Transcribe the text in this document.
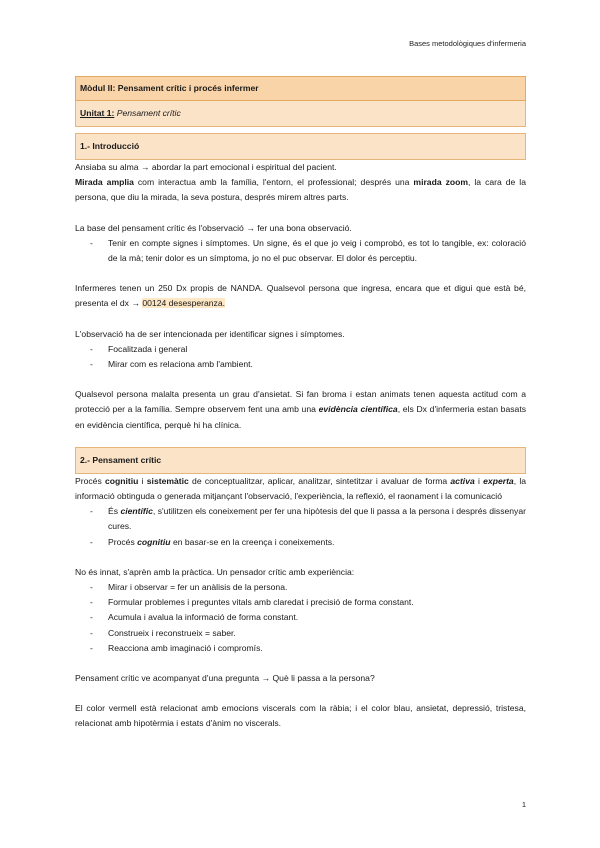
Bases metodològiques d'infermeria
Mòdul II: Pensament crític i procés infermer
Unitat 1: Pensament crític
1.- Introducció

Ansiaba su alma → abordar la part emocional i espiritual del pacient.

Mirada amplia com interactua amb la família, l'entorn, el professional; després una mirada zoom, la cara de la persona, que diu la mirada, la seva postura, després mirem altres parts.

La base del pensament crític és l'observació → fer una bona observació.

- Tenir en compte signes i símptomes. Un signe, és el que jo veig i comprobó, es tot lo tangible, ex: coloració de la mà; tenir dolor es un símptoma, jo no el puc observar. El dolor és perceptiu.

Infermeres tenen un 250 Dx propis de NANDA. Qualsevol persona que ingresa, encara que et digui que està bé, presenta el dx → 00124 desesperanza.

L'observació ha de ser intencionada per identificar signes i símptomes.

- Focalitzada i general
- Mirar com es relaciona amb l'ambient.

Qualsevol persona malalta presenta un grau d'ansietat. Si fan broma i estan animats tenen aquesta actitud com a protecció per a la família. Sempre observem fent una amb una evidència científica, els Dx d'infermeria estan basats en evidència científica, perquè hi ha clínica.

2.- Pensament crític

Procés cognitiu i sistemàtic de conceptualitzar, aplicar, analitzar, sintetitzar i avaluar de forma activa i experta, la informació obtinguda o generada mitjançant l'observació, l'experiència, la reflexió, el raonament i la comunicació

- És científic, s'utilitzen els coneixement per fer una hipòtesis del que li passa a la persona i després dissenyar cures.
- Procés cognitiu en basar-se en la creença i coneixements.

No és innat, s'aprèn amb la pràctica. Un pensador crític amb experiència:

- Mirar i observar = fer un anàlisis de la persona.
- Formular problemes i preguntes vitals amb claredat i precisió de forma constant.
- Acumula i avalua la informació de forma constant.
- Construeix i reconstrueix = saber.
- Reacciona amb imaginació i compromís.

Pensament crític ve acompanyat d'una pregunta → Què li passa a la persona?

El color vermell està relacionat amb emocions viscerals com la ràbia; i el color blau, ansietat, depressió, tristesa, relacionat amb hipotèrmia i estats d'ànim no viscerals.

1
